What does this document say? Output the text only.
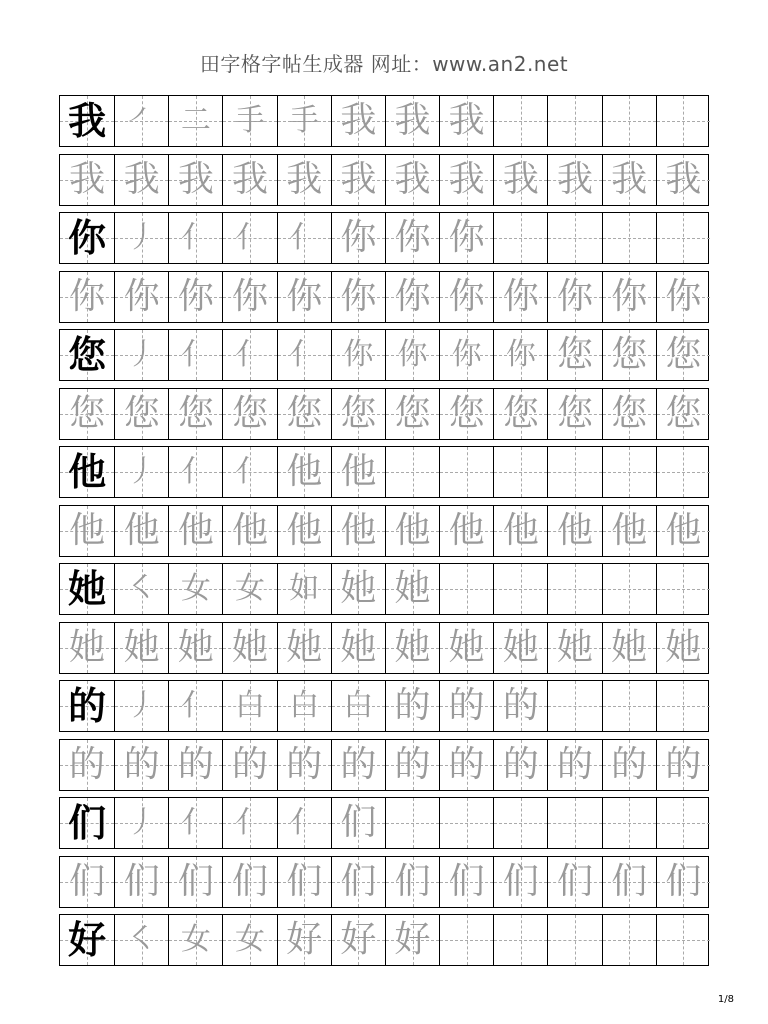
田字格字帖生成器 网址：www.an2.net
我 ㇒ 二 手 手 我 我 我
我 我 我 我 我 我 我 我 我 我 我 我
你 丿 亻 亻 亻 你 你 你
你 你 你 你 你 你 你 你 你 你 你 你
您 丿 亻 亻 亻 你 你 你 你 您 您 您
您 您 您 您 您 您 您 您 您 您 您 您
他 丿 亻 亻 他 他
他 他 他 他 他 他 他 他 他 他 他 他
她 ㇛ 女 女 如 她 她
她 她 她 她 她 她 她 她 她 她 她 她
的 丿 亻 白 白 白 的 的 的
的 的 的 的 的 的 的 的 的 的 的 的
们 丿 亻 亻 亻 们
们 们 们 们 们 们 们 们 们 们 们 们
好 ㇛ 女 女 好 好 好
1/8
